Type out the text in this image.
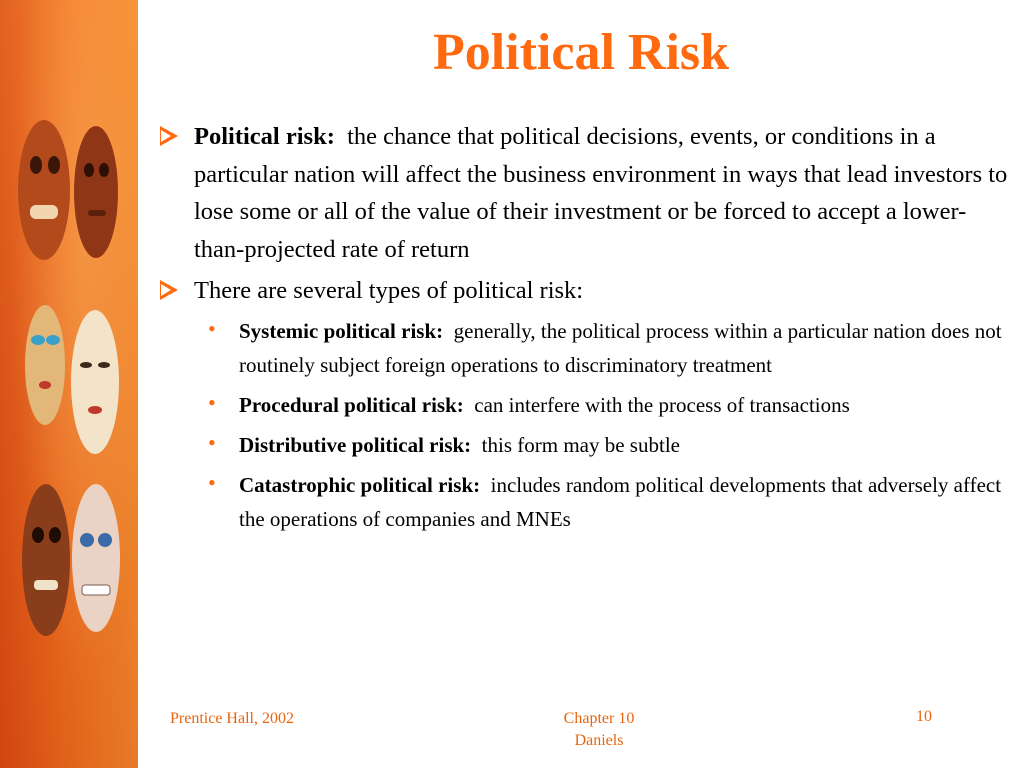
Political Risk
Political risk: the chance that political decisions, events, or conditions in a particular nation will affect the business environment in ways that lead investors to lose some or all of the value of their investment or be forced to accept a lower-than-projected rate of return
There are several types of political risk:
• Systemic political risk: generally, the political process within a particular nation does not routinely subject foreign operations to discriminatory treatment
• Procedural political risk: can interfere with the process of transactions
• Distributive political risk: this form may be subtle
• Catastrophic political risk: includes random political developments that adversely affect the operations of companies and MNEs
Prentice Hall, 2002	Chapter 10
Daniels
10
